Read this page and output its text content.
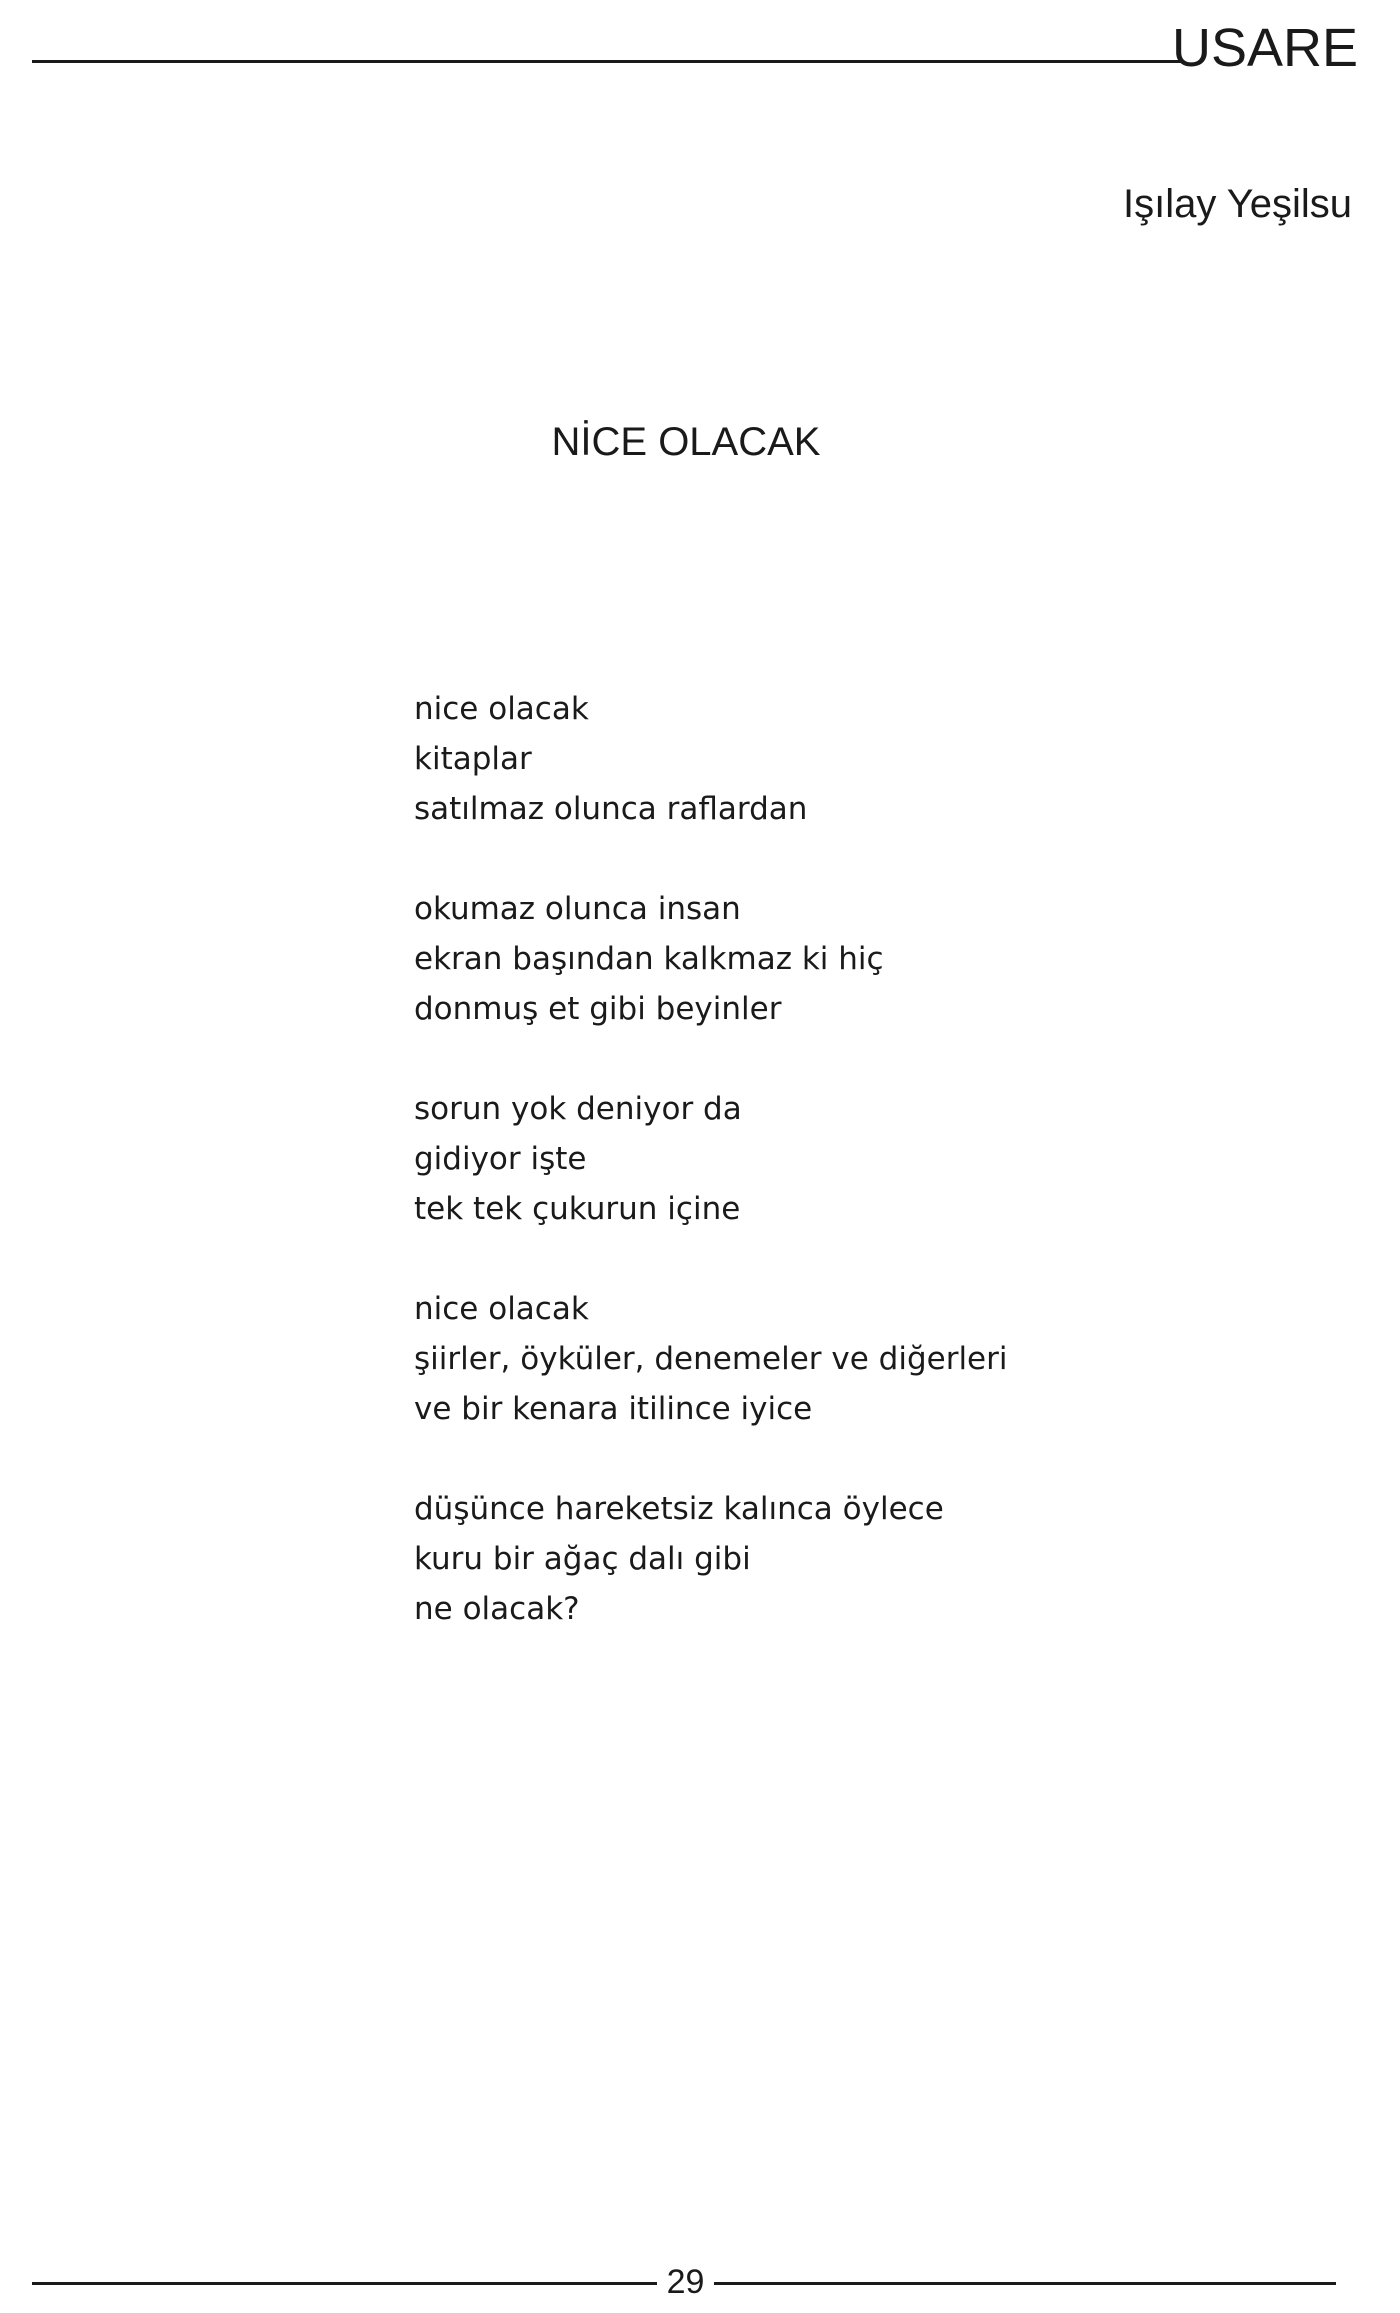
USARE
Işılay Yeşilsu
NİCE OLACAK
nice olacak
kitaplar
satılmaz olunca raflardan
okumaz olunca insan
ekran başından kalkmaz ki hiç
donmuş et gibi beyinler
sorun yok deniyor da
gidiyor işte
tek tek çukurun içine
nice olacak
şiirler, öyküler, denemeler ve diğerleri
ve bir kenara itilince iyice
düşünce hareketsiz kalınca öylece
kuru bir ağaç dalı gibi
ne olacak?
29
